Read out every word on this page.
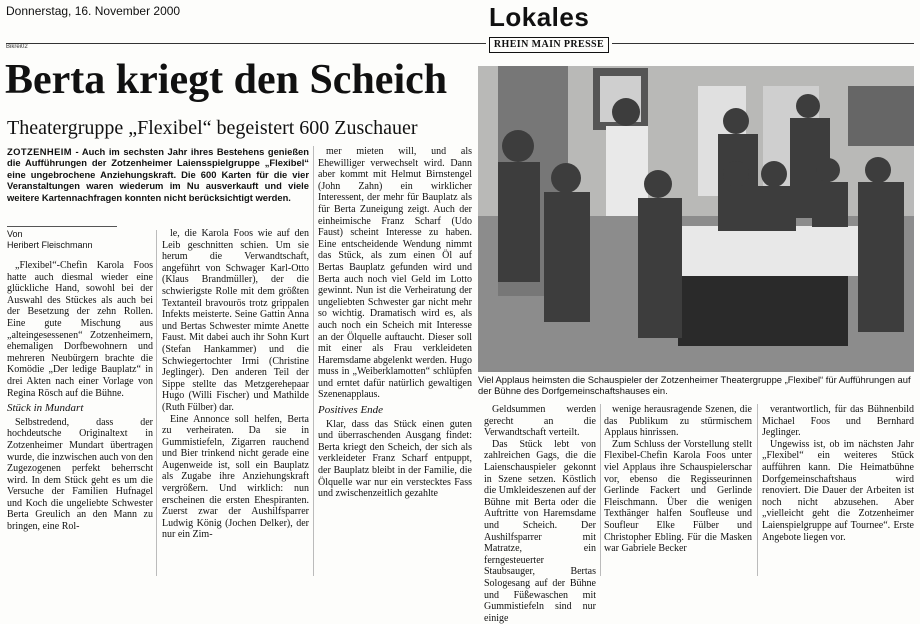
Donnerstag, 16. November 2000
Bikrei02
Lokales
RHEIN MAIN PRESSE
Berta kriegt den Scheich
Theatergruppe „Flexibel“ begeistert 600 Zuschauer
ZOTZENHEIM - Auch im sechsten Jahr ihres Bestehens genießen die Aufführungen der Zotzenheimer Laiensspielgruppe „Flexibel“ eine ungebrochene Anziehungskraft. Die 600 Karten für die vier Veranstaltungen waren wiederum im Nu ausverkauft und viele weitere Kartennachfragen konnten nicht berücksichtigt werden.
Von
Heribert Fleischmann

„Flexibel“-Chefin Karola Foos hatte auch diesmal wieder eine glückliche Hand, sowohl bei der Auswahl des Stückes als auch bei der Besetzung der zehn Rollen. Eine gute Mischung aus „alteingesessenen“ Zotzenheimern, ehemaligen Dorfbewohnern und mehreren Neubürgern brachte die Komödie „Der ledige Bauplatz“ in drei Akten nach einer Vorlage von Regina Rösch auf die Bühne.

Stück in Mundart

Selbstredend, dass der hochdeutsche Originaltext in Zotzenheimer Mundart übertragen wurde, die inzwischen auch von den Zugezogenen perfekt beherrscht wird. In dem Stück geht es um die Versuche der Familien Hufnagel und Koch die ungeliebte Schwester Berta Greulich an den Mann zu bringen, eine Rol-

le, die Karola Foos wie auf den Leib geschnitten schien. Um sie herum die Verwandtschaft, angeführt von Schwager Karl-Otto (Klaus Brandmüller), der die schwierigste Rolle mit dem größten Textanteil bravourös trotz grippalen Infekts meisterte. Seine Gattin Anna und Bertas Schwester mimte Anette Faust. Mit dabei auch ihr Sohn Kurt (Stefan Hankammer) und die Schwiegertochter Irmi (Christine Jeglinger). Den anderen Teil der Sippe stellte das Metzgerehepaar Hugo (Willi Fischer) und Mathilde (Ruth Fülber) dar.

Eine Annonce soll helfen, Berta zu verheiraten. Da sie in Gummistiefeln, Zigarren rauchend und Bier trinkend nicht gerade eine Augenweide ist, soll ein Bauplatz als Zugabe ihre Anziehungskraft vergrößern. Und wirklich: nun erscheinen die ersten Ehespiranten. Zuerst zwar der Aushilfsparrer Ludwig König (Jochen Delker), der nur ein Zim-

mer mieten will, und als Ehewilliger verwechselt wird. Dann aber kommt mit Helmut Birnstengel (John Zahn) ein wirklicher Interessent, der mehr für Bauplatz als für Berta Zuneigung zeigt. Auch der einheimische Franz Scharf (Udo Faust) scheint Interesse zu haben. Eine entscheidende Wendung nimmt das Stück, als zum einen Öl auf Bertas Bauplatz gefunden wird und Berta auch noch viel Geld im Lotto gewinnt. Nun ist die Verheiratung der ungeliebten Schwester gar nicht mehr so wichtig. Dramatisch wird es, als auch noch ein Scheich mit Interesse an der Ölquelle auftaucht. Dieser soll mit einer als Frau verkleideten Haremsdame abgelenkt werden. Hugo muss in „Weiberklamotten“ schlüpfen und erntet dafür natürlich gewaltigen Szenenapplaus.

Positives Ende

Klar, dass das Stück einen guten und überraschenden Ausgang findet: Berta kriegt den Scheich, der sich als verkleideter Franz Scharf entpuppt, der Bauplatz bleibt in der Familie, die Ölquelle war nur ein verstecktes Fass und zwischenzeitlich gezahlte

Viel Applaus heimsten die Schauspieler der Zotzenheimer Theatergruppe „Flexibel“ für Aufführungen auf der Bühne des Dorfgemeinschaftshauses ein.

Geldsummen werden gerecht an die Verwandtschaft verteilt.

Das Stück lebt von zahlreichen Gags, die die Laienschauspieler gekonnt in Szene setzen. Köstlich die Umkleideszenen auf der Bühne mit Berta oder die Auftritte von Haremsdame und Scheich. Der Aushilfsparrer mit Matratze, ein ferngesteuerter Staubsauger, Bertas Sologesang auf der Bühne und Füßewaschen mit Gummistiefeln sind nur einige

wenige herausragende Szenen, die das Publikum zu stürmischem Applaus hinrissen.

Zum Schluss der Vorstellung stellt Flexibel-Chefin Karola Foos unter viel Applaus ihre Schauspielerschar vor, ebenso die Regisseurinnen Gerlinde Fackert und Gerlinde Fleischmann. Über die wenigen Texthänger halfen Soufleuse und Soufleur Elke Fülber und Christopher Ebling. Für die Masken war Gabriele Becker

verantwortlich, für das Bühnenbild Michael Foos und Bernhard Jeglinger.

Ungewiss ist, ob im nächsten Jahr „Flexibel“ ein weiteres Stück aufführen kann. Die Heimatbühne Dorfgemeinschaftshaus wird renoviert. Die Dauer der Arbeiten ist noch nicht abzusehen. Aber „vielleicht geht die Zotzenheimer Laienspielgruppe auf Tournee“. Erste Angebote liegen vor.
